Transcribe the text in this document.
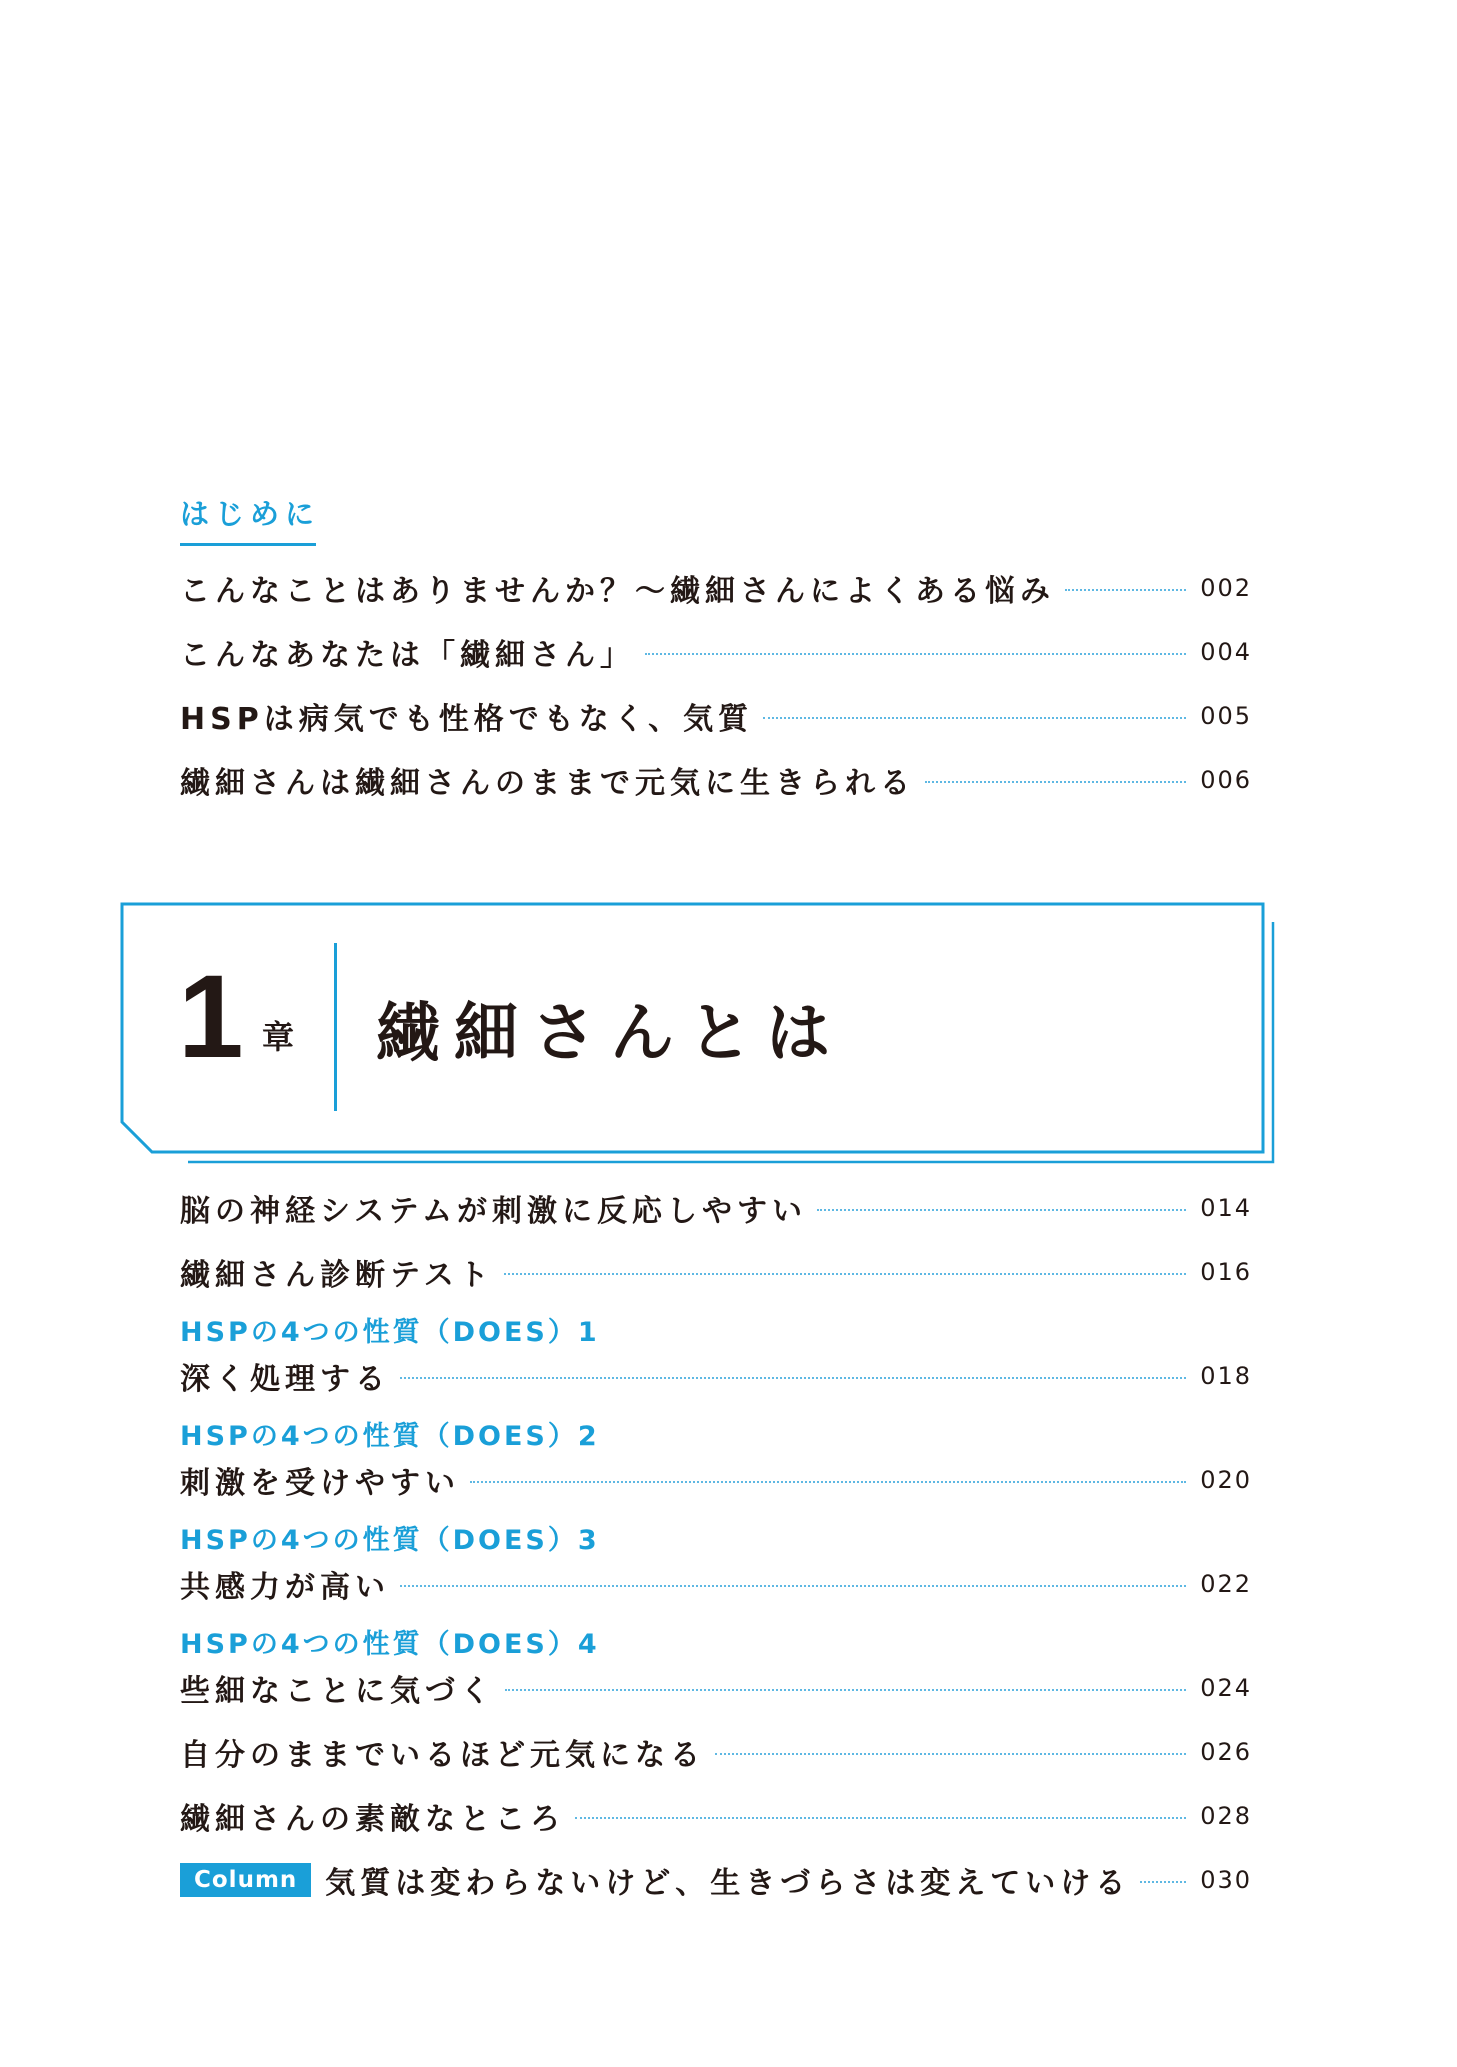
はじめに
こんなことはありませんか？～繊細さんによくある悩み	002
こんなあなたは「繊細さん」	004
HSPは病気でも性格でもなく、気質	005
繊細さんは繊細さんのままで元気に生きられる	006
1 章 繊細さんとは
脳の神経システムが刺激に反応しやすい	014
繊細さん診断テスト	016
HSPの4つの性質（DOES）1
深く処理する	018
HSPの4つの性質（DOES）2
刺激を受けやすい	020
HSPの4つの性質（DOES）3
共感力が高い	022
HSPの4つの性質（DOES）4
些細なことに気づく	024
自分のままでいるほど元気になる	026
繊細さんの素敵なところ	028
Column 気質は変わらないけど、生きづらさは変えていける	030
